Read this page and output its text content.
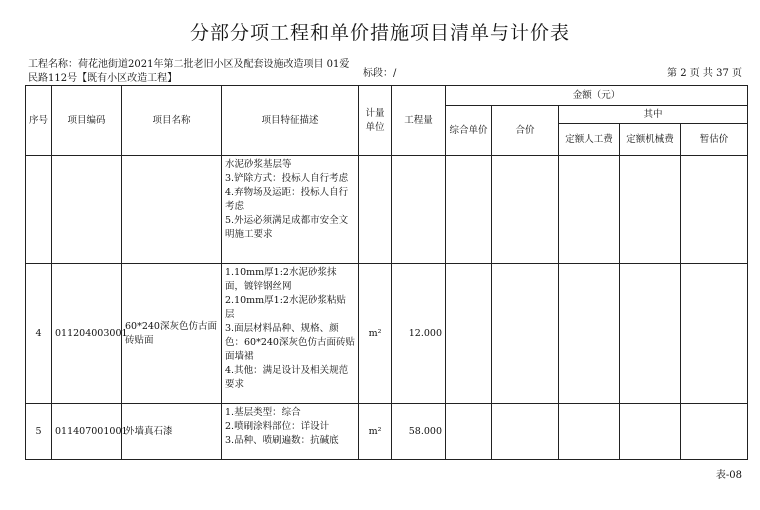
分部分项工程和单价措施项目清单与计价表
工程名称：荷花池街道2021年第二批老旧小区及配套设施改造项目 01爱民路112号【既有小区改造工程】	标段：/	第 2 页 共 37 页
序号	项目编码	项目名称	项目特征描述	计量单位	工程量	金额（元）				
						综合单价	合价	其中		
								定额人工费	定额机械费	暂估价

			水泥砂浆基层等
3.铲除方式：投标人自行考虑
4.弃物场及运距：投标人自行考虑
5.外运必须满足成都市安全文明施工要求							

4	011204003001	60*240深灰色仿古面砖贴面	1.10mm厚1:2水泥砂浆抹面，镀锌钢丝网
2.10mm厚1:2水泥砂浆粘贴层
3.面层材料品种、规格、颜色：60*240深灰色仿古面砖贴面墙裙
4.其他：满足设计及相关规范要求	m²	12.000					
5	011407001001	外墙真石漆	1.基层类型：综合
2.喷刷涂料部位：详设计
3.品种、喷刷遍数：抗碱底	m²	58.000					
表-08
